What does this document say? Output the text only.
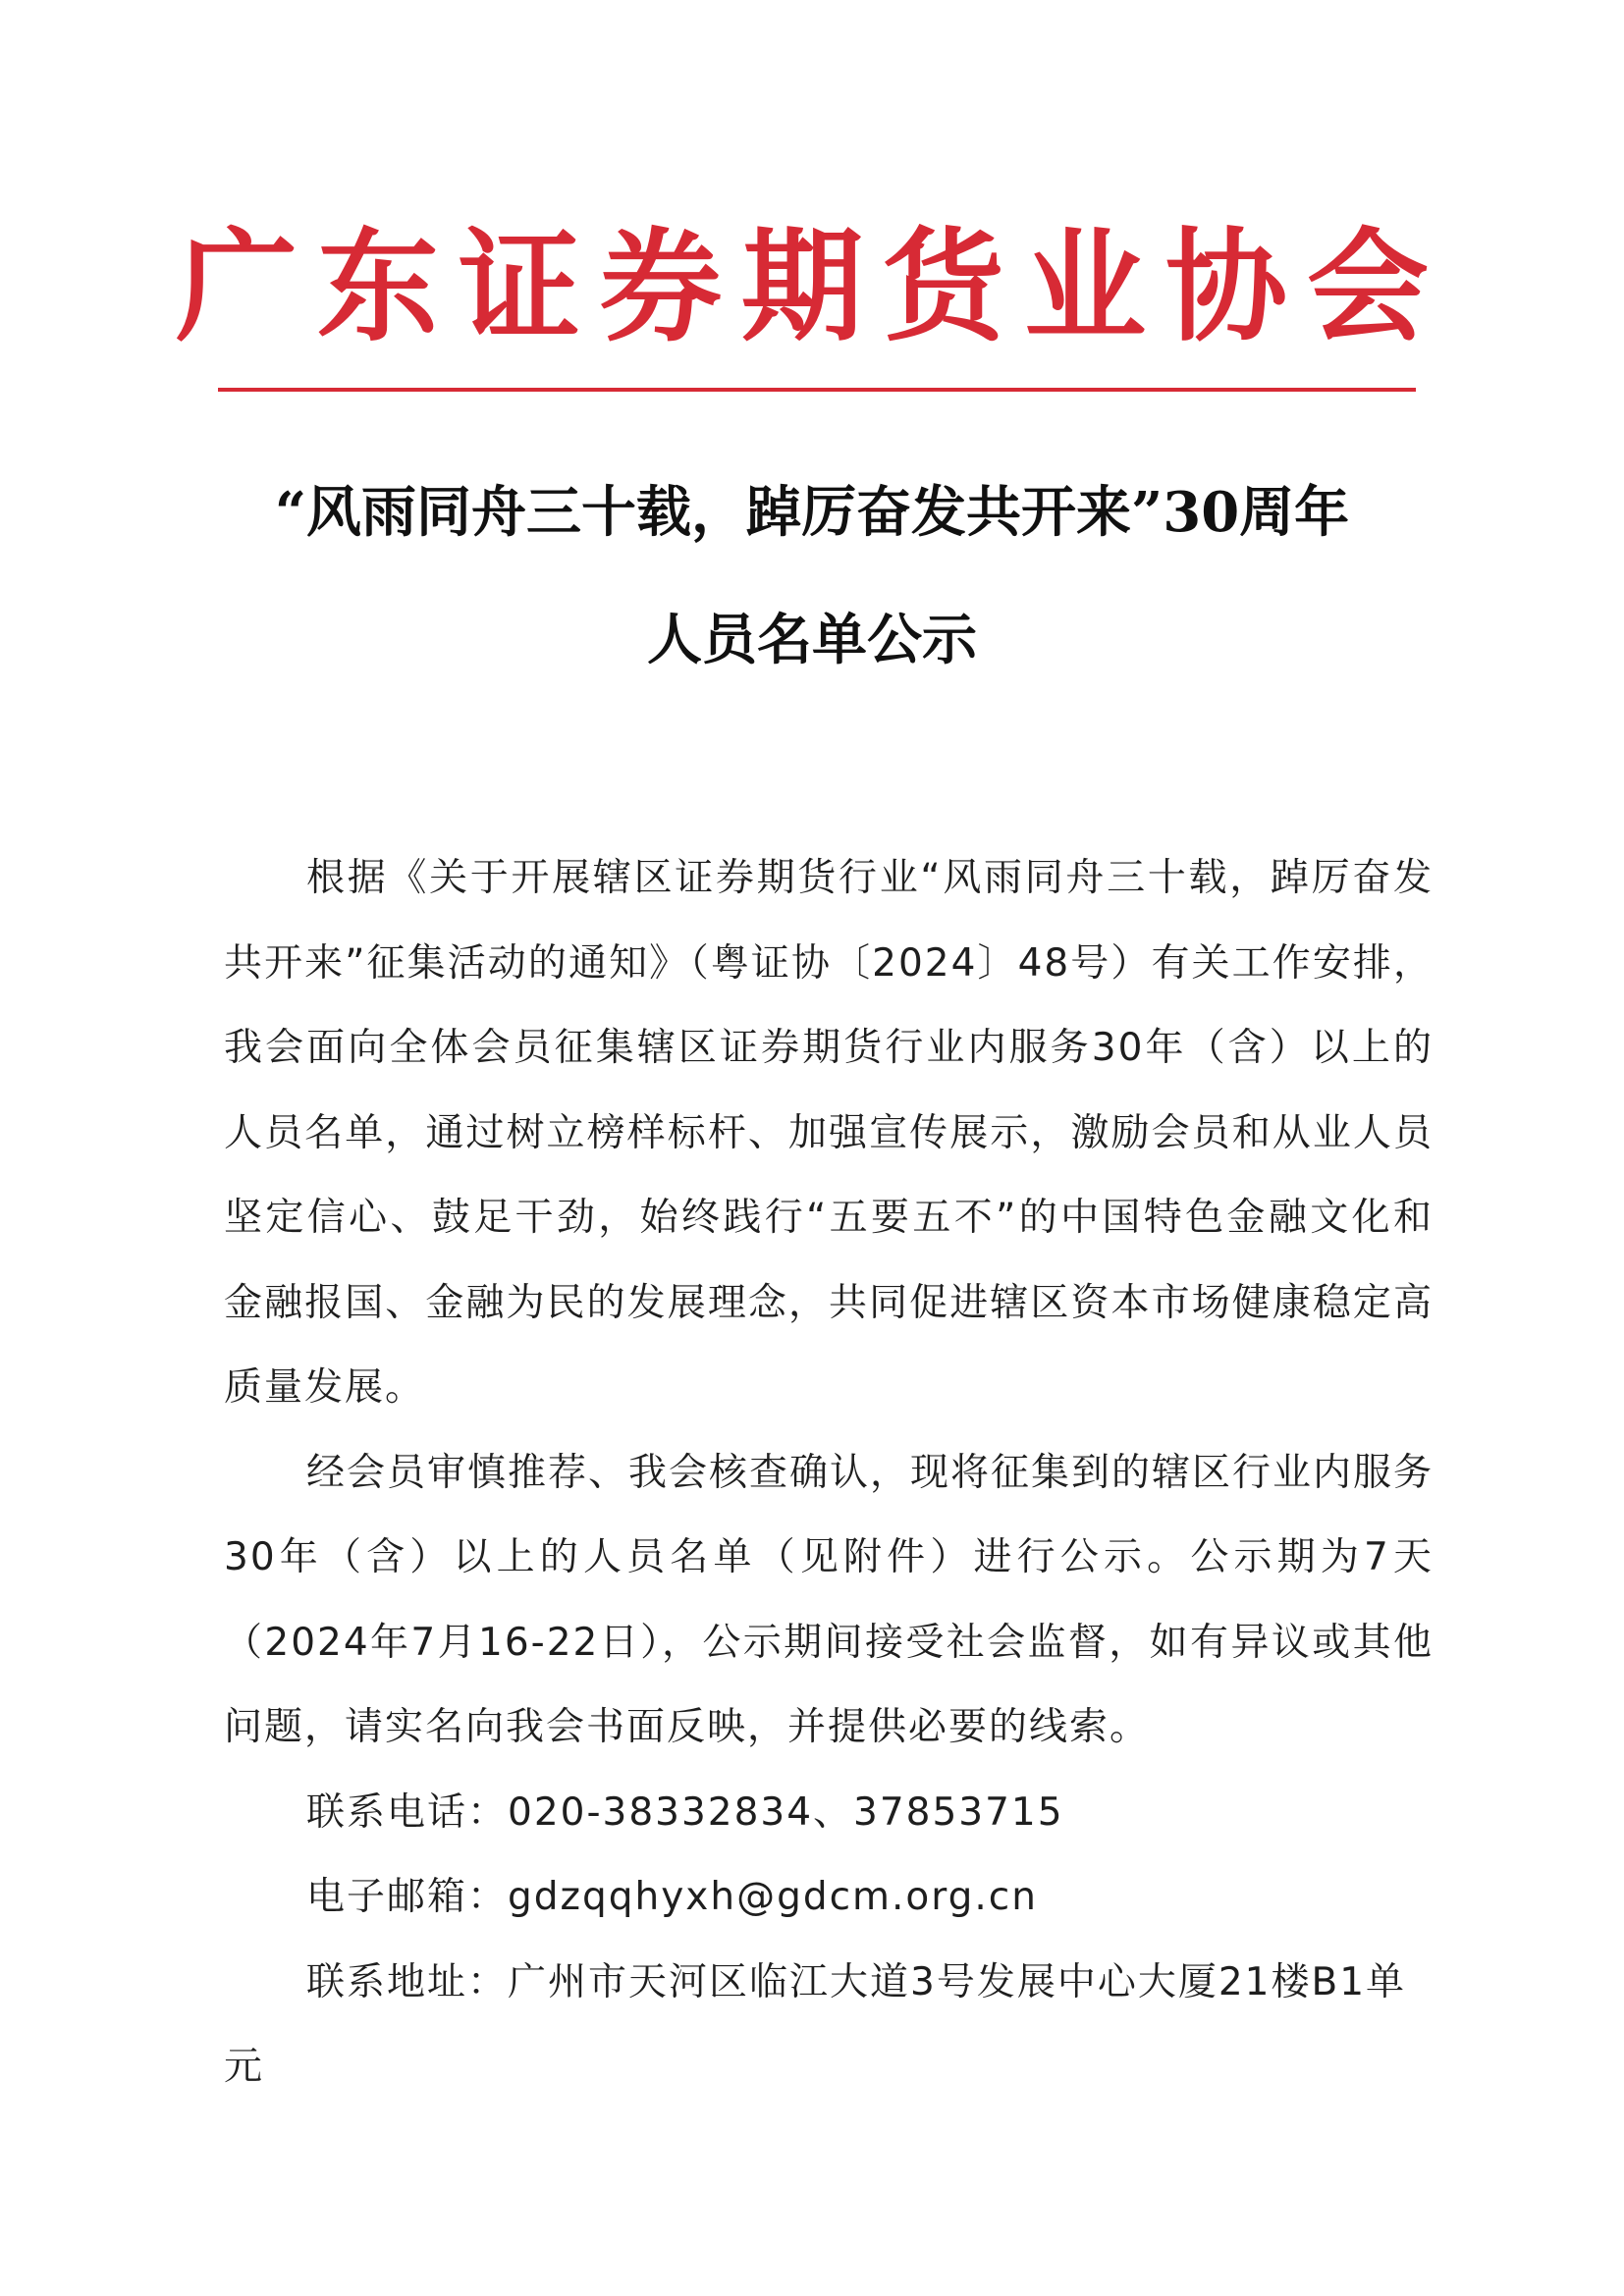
广东证券期货业协会
“风雨同舟三十载，踔厉奋发共开来”30周年
人员名单公示

根据《关于开展辖区证券期货行业“风雨同舟三十载，踔厉奋发共开来”征集活动的通知》（粤证协〔2024〕48号）有关工作安排，我会面向全体会员征集辖区证券期货行业内服务30年（含）以上的人员名单，通过树立榜样标杆、加强宣传展示，激励会员和从业人员坚定信心、鼓足干劲，始终践行“五要五不”的中国特色金融文化和金融报国、金融为民的发展理念，共同促进辖区资本市场健康稳定高质量发展。

经会员审慎推荐、我会核查确认，现将征集到的辖区行业内服务30年（含）以上的人员名单（见附件）进行公示。公示期为7天（2024年7月16-22日），公示期间接受社会监督，如有异议或其他问题，请实名向我会书面反映，并提供必要的线索。

联系电话：020-38332834、37853715

电子邮箱：gdzqqhyxh@gdcm.org.cn

联系地址：广州市天河区临江大道3号发展中心大厦21楼B1单元
